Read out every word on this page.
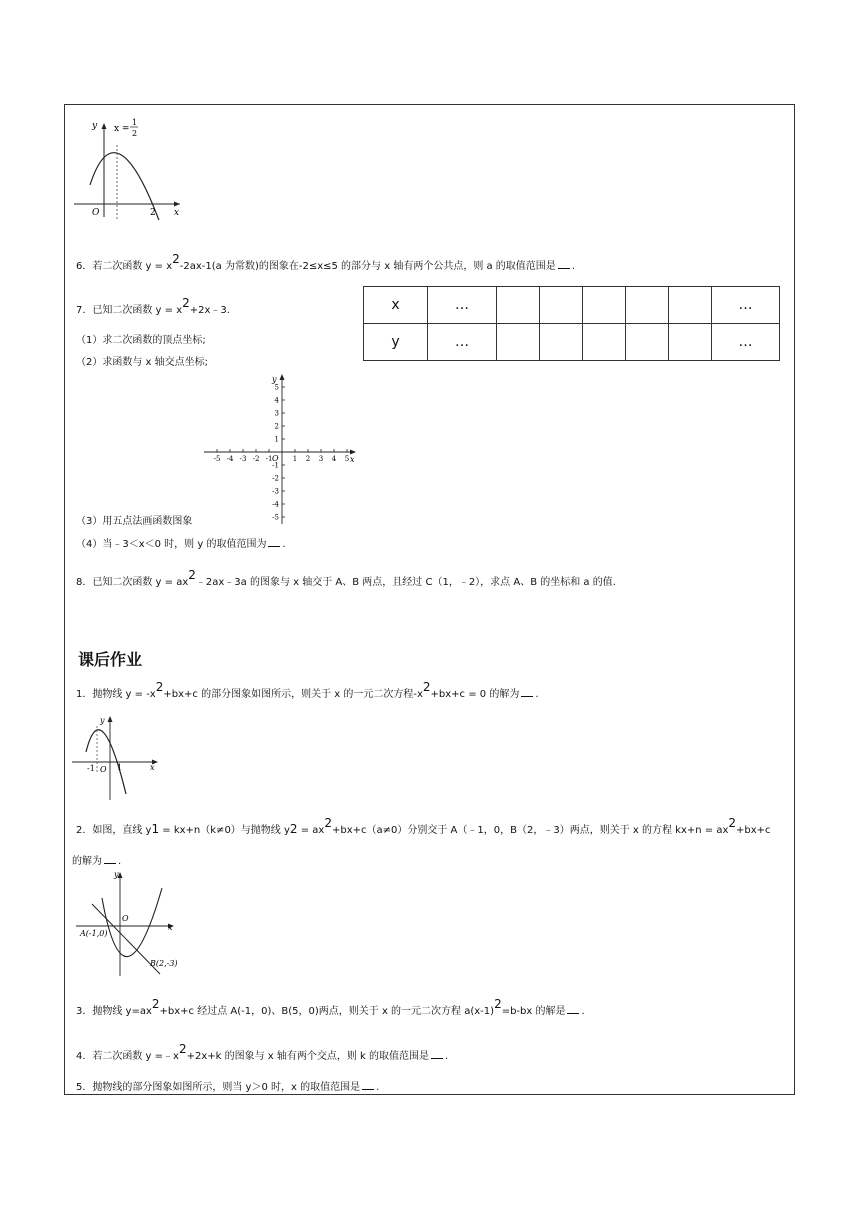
y x =
1
2
O	2 x
6．若二次函数 y = x2-2ax-1(a 为常数)的图象在-2≤x≤5 的部分与 x 轴有两个公共点，则 a 的取值范围是 .
7．已知二次函数 y = x2+2x﹣3.
（1）求二次函数的顶点坐标;
（2）求函数与 x 轴交点坐标;
x	…						…
y	…						…
-5 -4 -3 -2 -1	1 2 3 4 5
5
4
3
2
1
-1
-2
-3
-4
-5
y
x
O
（3）用五点法画函数图象
（4）当﹣3＜x＜0 时，则 y 的取值范围为 .
8．已知二次函数 y = ax2﹣2ax﹣3a 的图象与 x 轴交于 A、B 两点，且经过 C（1，﹣2），求点 A、B 的坐标和 a 的值.
课后作业
1．抛物线 y = -x2+bx+c 的部分图象如图所示，则关于 x 的一元二次方程-x2+bx+c = 0 的解为 .
y
-1 O 1	x
2．如图，直线 y1 = kx+n（k≠0）与抛物线 y2 = ax2+bx+c（a≠0）分别交于 A（﹣1，0，B（2，﹣3）两点，则关于 x 的方程 kx+n = ax2+bx+c
的解为 .
y
O
x
A(-1,0)
B(2,-3)
3．抛物线 y=ax2+bx+c 经过点 A(-1，0)、B(5，0)两点，则关于 x 的一元二次方程 a(x-1)2=b-bx 的解是 .
4．若二次函数 y =﹣x2+2x+k 的图象与 x 轴有两个交点，则 k 的取值范围是 .
5．抛物线的部分图象如图所示，则当 y＞0 时，x 的取值范围是 .
